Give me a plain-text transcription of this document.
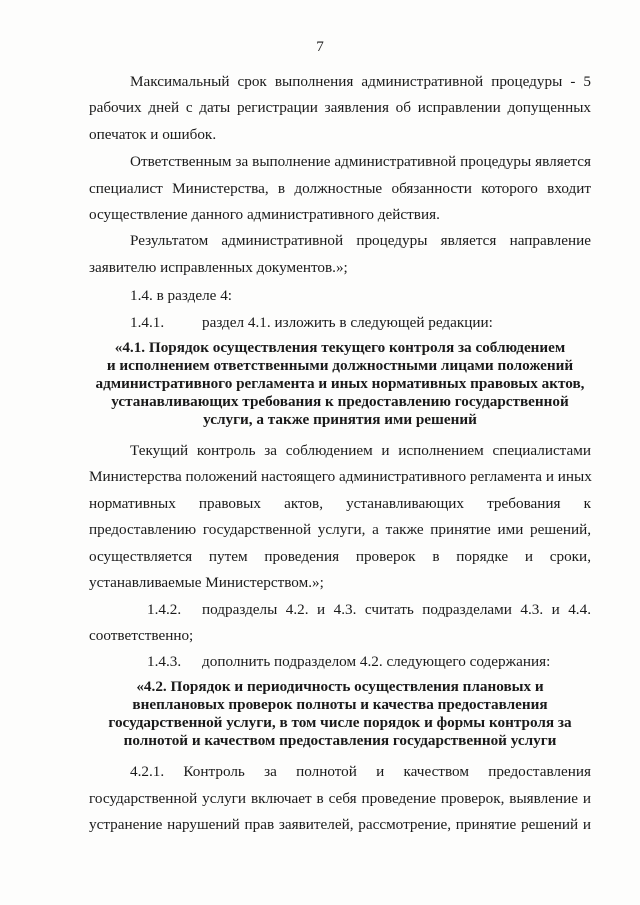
7
Максимальный срок выполнения административной процедуры - 5
рабочих дней с даты регистрации заявления об исправлении допущенных
опечаток и ошибок.
Ответственным за выполнение административной процедуры является
специалист Министерства, в должностные обязанности которого входит
осуществление данного административного действия.
Результатом административной процедуры является направление
заявителю исправленных документов.»;
1.4. в разделе 4:
1.4.1. раздел 4.1. изложить в следующей редакции:
«4.1. Порядок осуществления текущего контроля за соблюдением
и исполнением ответственными должностными лицами положений
административного регламента и иных нормативных правовых актов,
устанавливающих требования к предоставлению государственной
услуги, а также принятия ими решений
Текущий контроль за соблюдением и исполнением специалистами
Министерства положений настоящего административного регламента и иных
нормативных правовых актов, устанавливающих требования к
предоставлению государственной услуги, а также принятие ими решений,
осуществляется путем проведения проверок в порядке и сроки,
устанавливаемые Министерством.»;
1.4.2. подразделы 4.2. и 4.3. считать подразделами 4.3. и 4.4.
соответственно;
1.4.3. дополнить подразделом 4.2. следующего содержания:
«4.2. Порядок и периодичность осуществления плановых и
внеплановых проверок полноты и качества предоставления
государственной услуги, в том числе порядок и формы контроля за
полнотой и качеством предоставления государственной услуги
4.2.1. Контроль за полнотой и качеством предоставления
государственной услуги включает в себя проведение проверок, выявление и
устранение нарушений прав заявителей, рассмотрение, принятие решений и
